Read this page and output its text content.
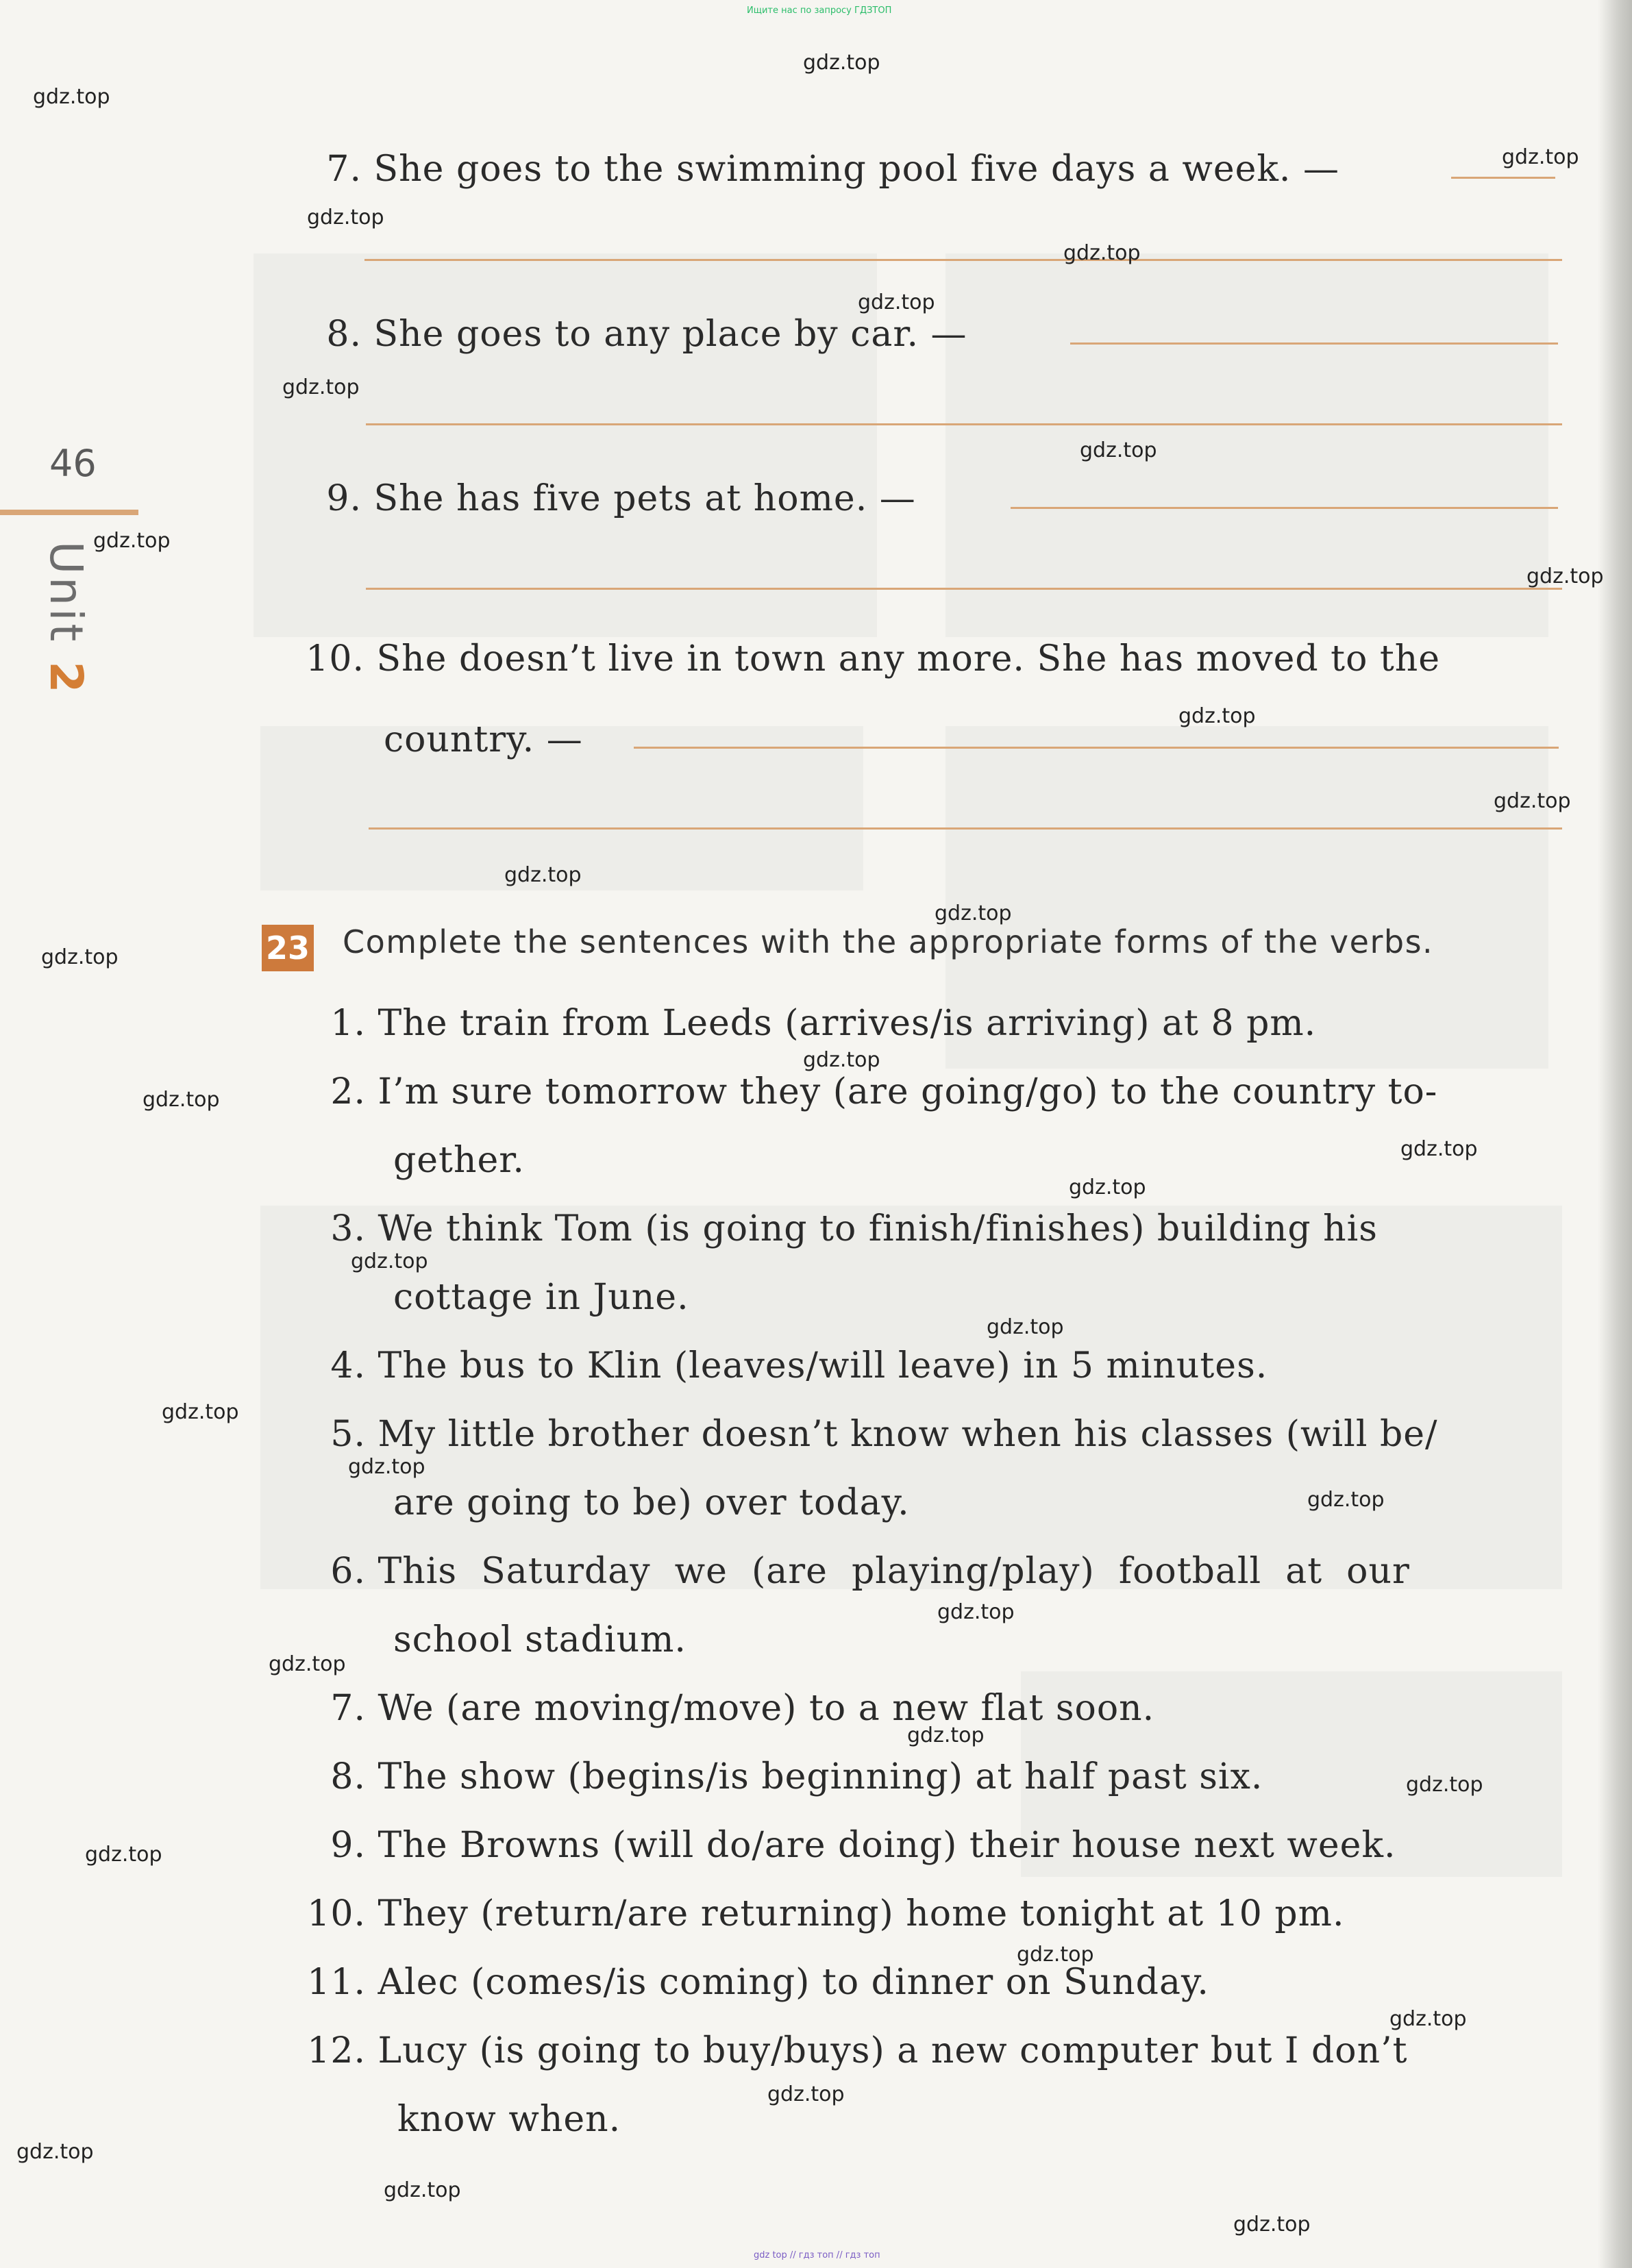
Ищите нас по запросу ГДЗТОП
gdz top // гдз топ // гдз топ
46
Unit 2
7. She goes to the swimming pool five days a week. —
8. She goes to any place by car. —
9. She has five pets at home. —
10. She doesn’t live in town any more. She has moved to the
country. —
23 Complete the sentences with the appropriate forms of the verbs.
1. The train from Leeds (arrives/is arriving) at 8 pm.
2. I’m sure tomorrow they (are going/go) to the country to-
gether.
3. We think Tom (is going to finish/finishes) building his
cottage in June.
4. The bus to Klin (leaves/will leave) in 5 minutes.
5. My little brother doesn’t know when his classes (will be/
are going to be) over today.
6. This  Saturday  we  (are  playing/play)  football  at  our
school stadium.
7. We (are moving/move) to a new flat soon.
8. The show (begins/is beginning) at half past six.
9. The Browns (will do/are doing) their house next week.
10. They (return/are returning) home tonight at 10 pm.
11. Alec (comes/is coming) to dinner on Sunday.
12. Lucy (is going to buy/buys) a new computer but I don’t
know when.
gdz.top
gdz.top
gdz.top
gdz.top
gdz.top
gdz.top
gdz.top
gdz.top
gdz.top
gdz.top
gdz.top
gdz.top
gdz.top
gdz.top
gdz.top
gdz.top
gdz.top
gdz.top
gdz.top
gdz.top
gdz.top
gdz.top
gdz.top
gdz.top
gdz.top
gdz.top
gdz.top
gdz.top
gdz.top
gdz.top
gdz.top
gdz.top
gdz.top
gdz.top
gdz.top
